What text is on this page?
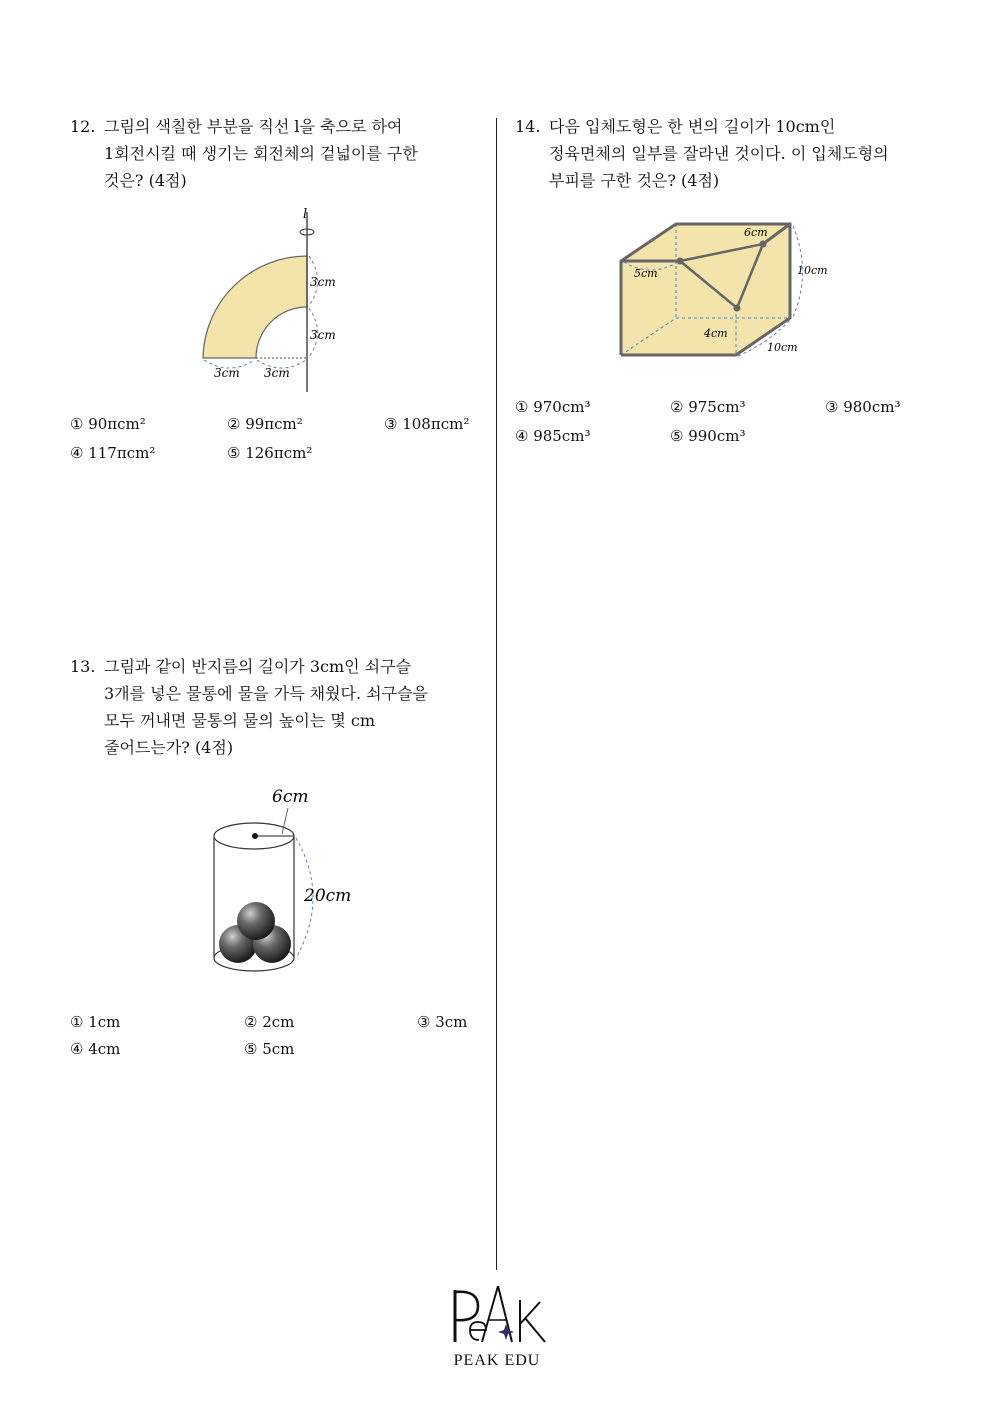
12. 그림의 색칠한 부분을 직선 l을 축으로 하여
1회전시킬 때 생기는 회전체의 겉넓이를 구한
것은? (4점)
l
3cm
3cm
3cm 3cm
① 90πcm²	② 99πcm²	③ 108πcm²
④ 117πcm²	⑤ 126πcm²
13. 그림과 같이 반지름의 길이가 3cm인 쇠구슬
3개를 넣은 물통에 물을 가득 채웠다. 쇠구슬을
모두 꺼내면 물통의 물의 높이는 몇 cm
줄어드는가? (4점)
6cm
20cm
① 1cm	② 2cm	③ 3cm
④ 4cm	⑤ 5cm
14. 다음 입체도형은 한 변의 길이가 10cm인
정육면체의 일부를 잘라낸 것이다. 이 입체도형의
부피를 구한 것은? (4점)
6cm
5cm	10cm
4cm
10cm
① 970cm³	② 975cm³	③ 980cm³
④ 985cm³	⑤ 990cm³
PEAK EDU
